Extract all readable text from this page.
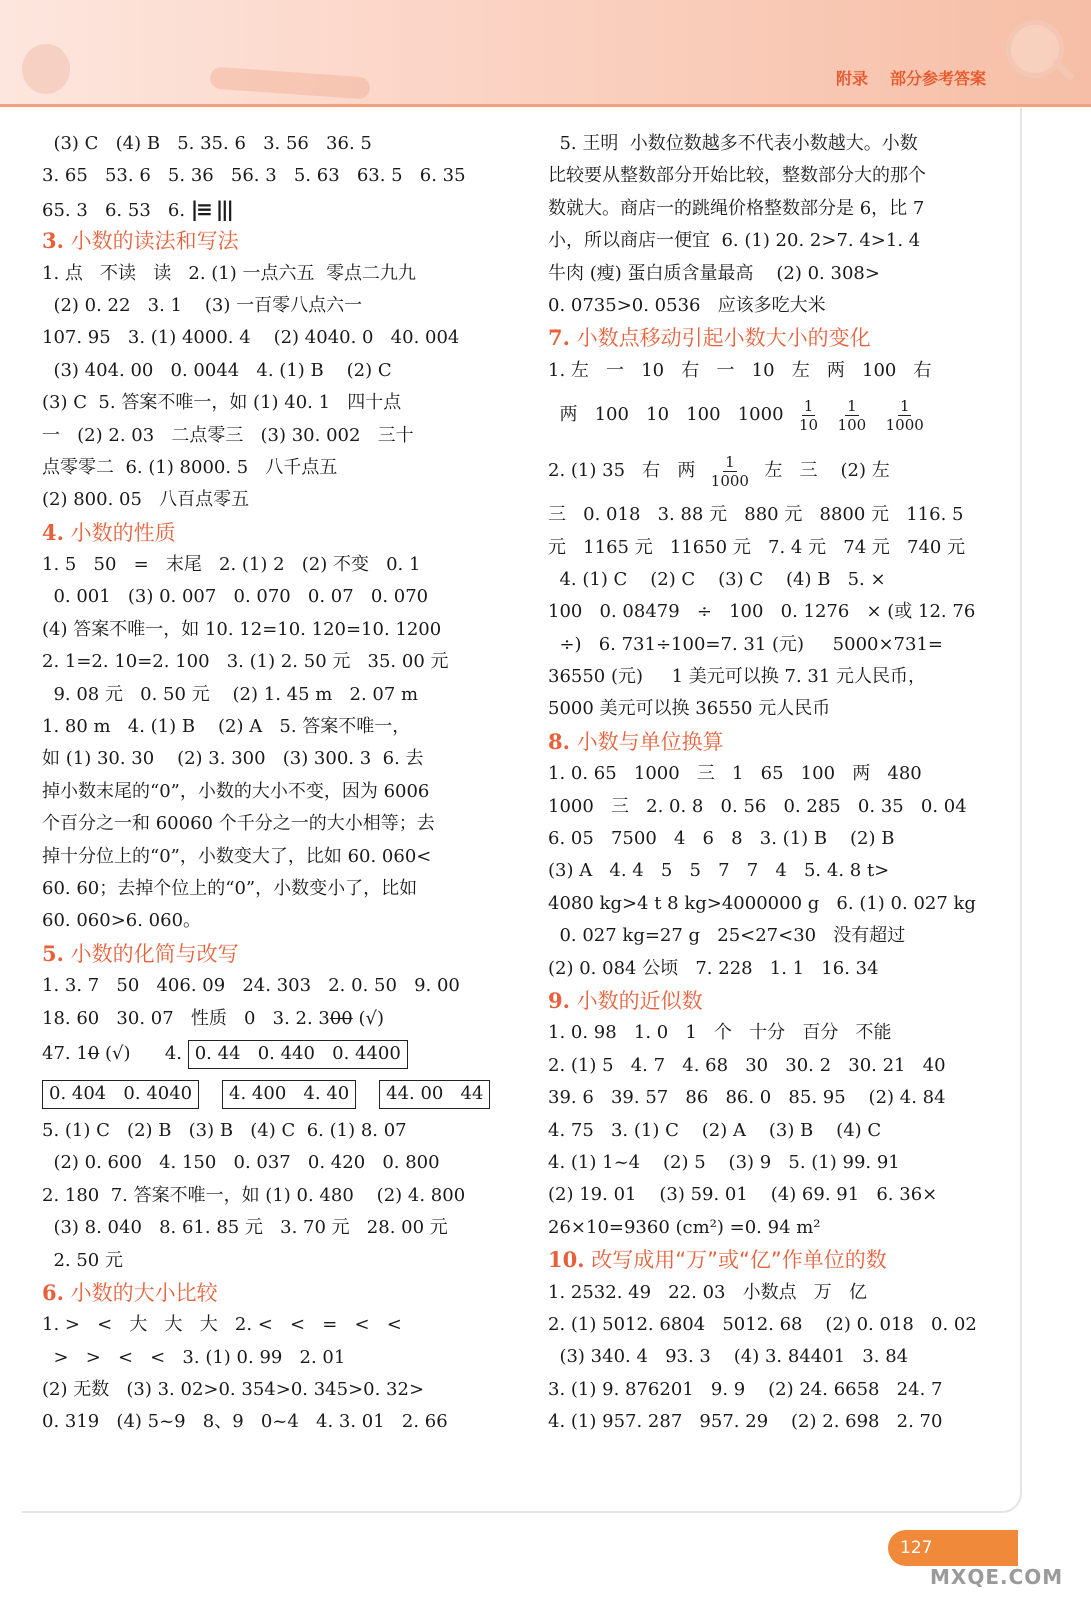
附录 部分参考答案
(3) C   (4) B   5. 35. 6   3. 56   36. 5
3. 65   53. 6   5. 36   56. 3   5. 63   63. 5   6. 35
65. 3   6. 53   6. |≡ |||
3. 小数的读法和写法
1. 点   不读   读   2. (1) 一点六五  零点二九九
(2) 0. 22   3. 1    (3) 一百零八点六一
107. 95   3. (1) 4000. 4    (2) 4040. 0   40. 004
(3) 404. 00   0. 0044   4. (1) B    (2) C
(3) C  5. 答案不唯一，如 (1) 40. 1   四十点
一   (2) 2. 03   二点零三   (3) 30. 002   三十
点零零二  6. (1) 8000. 5   八千点五
(2) 800. 05   八百点零五
4. 小数的性质
1. 5   50   =   末尾   2. (1) 2   (2) 不变   0. 1
0. 001   (3) 0. 007   0. 070   0. 07   0. 070
(4) 答案不唯一，如 10. 12=10. 120=10. 1200
2. 1=2. 10=2. 100   3. (1) 2. 50 元   35. 00 元
9. 08 元   0. 50 元    (2) 1. 45 m   2. 07 m
1. 80 m   4. (1) B    (2) A   5. 答案不唯一，
如 (1) 30. 30    (2) 3. 300   (3) 300. 3  6. 去
掉小数末尾的“0”，小数的大小不变，因为 6006
个百分之一和 60060 个千分之一的大小相等；去
掉十分位上的“0”，小数变大了，比如 60. 060<
60. 60；去掉个位上的“0”，小数变小了，比如
60. 060>6. 060。
5. 小数的化简与改写
1. 3. 7   50   406. 09   24. 303   2. 0. 50   9. 00
18. 60   30. 07   性质   0   3. 2. 300 (√)
47. 10 (√)      4. 0. 44   0. 440   0. 4400
0. 404   0. 4040 4. 400   4. 40 44. 00   44
5. (1) C   (2) B   (3) B   (4) C  6. (1) 8. 07
(2) 0. 600   4. 150   0. 037   0. 420   0. 800
2. 180  7. 答案不唯一，如 (1) 0. 480    (2) 4. 800
(3) 8. 040   8. 61. 85 元   3. 70 元   28. 00 元
2. 50 元
6. 小数的大小比较
1. >   <   大   大   大   2. <   <   =   <   <
>   >   <   <   3. (1) 0. 99   2. 01
(2) 无数   (3) 3. 02>0. 354>0. 345>0. 32>
0. 319   (4) 5~9   8、9   0~4   4. 3. 01   2. 66
5. 王明  小数位数越多不代表小数越大。小数
比较要从整数部分开始比较，整数部分大的那个
数就大。商店一的跳绳价格整数部分是 6，比 7
小，所以商店一便宜  6. (1) 20. 2>7. 4>1. 4
牛肉 (瘦) 蛋白质含量最高    (2) 0. 308>
0. 0735>0. 0536   应该多吃大米
7. 小数点移动引起小数大小的变化
1. 左   一   10   右   一   10   左   两   100   右
两   100   10   100   $1000 \frac{1}{10}$
$\frac{1}{100}$
$\frac{1}{1000}$
2. (1) 35   右   两 $\frac{1}{1000}$ 左   三    (2) 左
三   0. 018   3. 88 元   880 元   8800 元   116. 5
元   1165 元   11650 元   7. 4 元   74 元   740 元
4. (1) C    (2) C    (3) C    (4) B   5. ×
100   0. 08479   ÷   100   0. 1276   × (或 12. 76
÷)   6. 731÷100=7. 31 (元)     5000×731=
36550 (元)     1 美元可以换 7. 31 元人民币，
5000 美元可以换 36550 元人民币
8. 小数与单位换算
1. 0. 65   1000   三   1   65   100   两   480
1000   三   2. 0. 8   0. 56   0. 285   0. 35   0. 04
6. 05   7500   4   6   8   3. (1) B    (2) B
(3) A   4. 4   5   5   7   7   4   5. 4. 8 t>
4080 kg>4 t 8 kg>4000000 g   6. (1) 0. 027 kg
0. 027 kg=27 g   25<27<30   没有超过
(2) 0. 084 公顷   7. 228   1. 1   16. 34
9. 小数的近似数
1. 0. 98   1. 0   1   个   十分   百分   不能
2. (1) 5   4. 7   4. 68   30   30. 2   30. 21   40
39. 6   39. 57   86   86. 0   85. 95    (2) 4. 84
4. 75   3. (1) C    (2) A    (3) B    (4) C
4. (1) 1~4    (2) 5    (3) 9   5. (1) 99. 91
(2) 19. 01    (3) 59. 01    (4) 69. 91   6. 36×
26×10=9360 (cm²) =0. 94 m²
10. 改写成用“万”或“亿”作单位的数
1. 2532. 49   22. 03   小数点   万   亿
2. (1) 5012. 6804   5012. 68    (2) 0. 018   0. 02
(3) 340. 4   93. 3    (4) 3. 84401   3. 84
3. (1) 9. 876201   9. 9    (2) 24. 6658   24. 7
4. (1) 957. 287   957. 29    (2) 2. 698   2. 70
127
MXQE.COM
